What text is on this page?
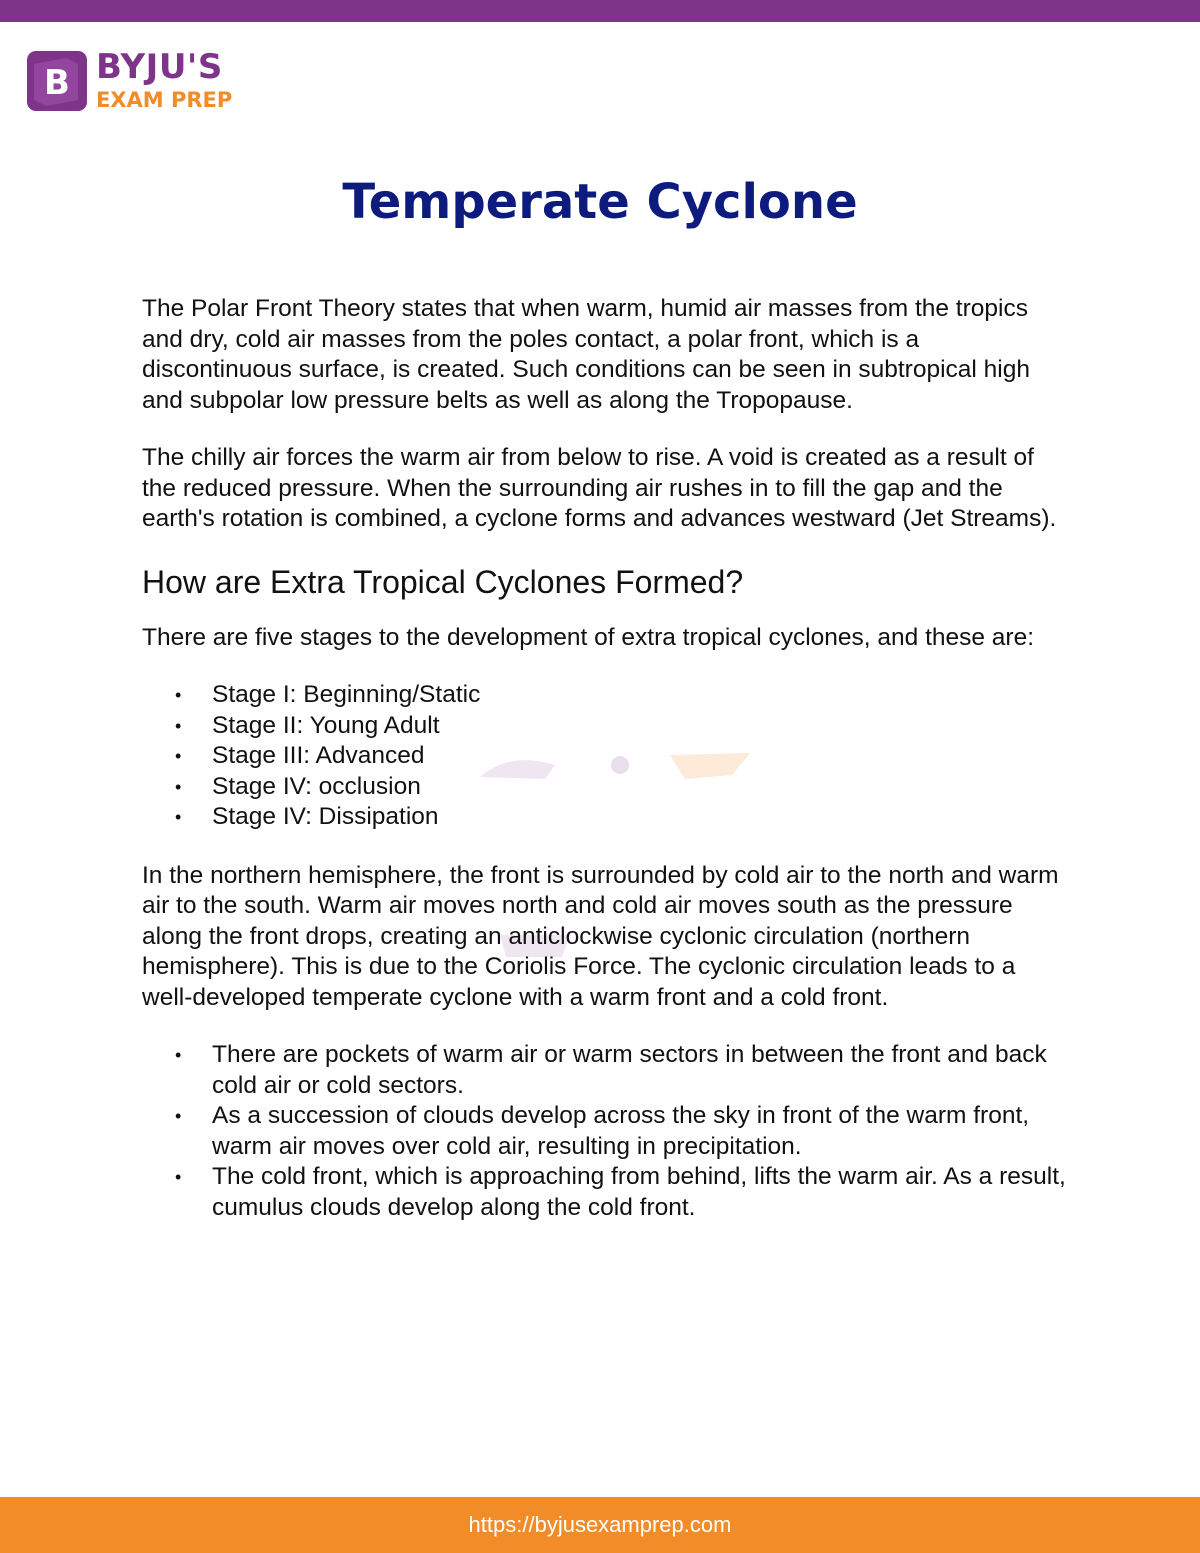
B BYJU'S
EXAM PREP
Temperate Cyclone

The Polar Front Theory states that when warm, humid air masses from the tropics and dry, cold air masses from the poles contact, a polar front, which is a discontinuous surface, is created. Such conditions can be seen in subtropical high and subpolar low pressure belts as well as along the Tropopause.

The chilly air forces the warm air from below to rise. A void is created as a result of the reduced pressure. When the surrounding air rushes in to fill the gap and the earth's rotation is combined, a cyclone forms and advances westward (Jet Streams).

How are Extra Tropical Cyclones Formed?

There are five stages to the development of extra tropical cyclones, and these are:

• Stage I: Beginning/Static
• Stage II: Young Adult
• Stage III: Advanced
• Stage IV: occlusion
• Stage IV: Dissipation

In the northern hemisphere, the front is surrounded by cold air to the north and warm air to the south. Warm air moves north and cold air moves south as the pressure along the front drops, creating an anticlockwise cyclonic circulation (northern hemisphere). This is due to the Coriolis Force. The cyclonic circulation leads to a well-developed temperate cyclone with a warm front and a cold front.

• There are pockets of warm air or warm sectors in between the front and back cold air or cold sectors.
• As a succession of clouds develop across the sky in front of the warm front, warm air moves over cold air, resulting in precipitation.
• The cold front, which is approaching from behind, lifts the warm air. As a result, cumulus clouds develop along the cold front.
https://byjusexamprep.com
